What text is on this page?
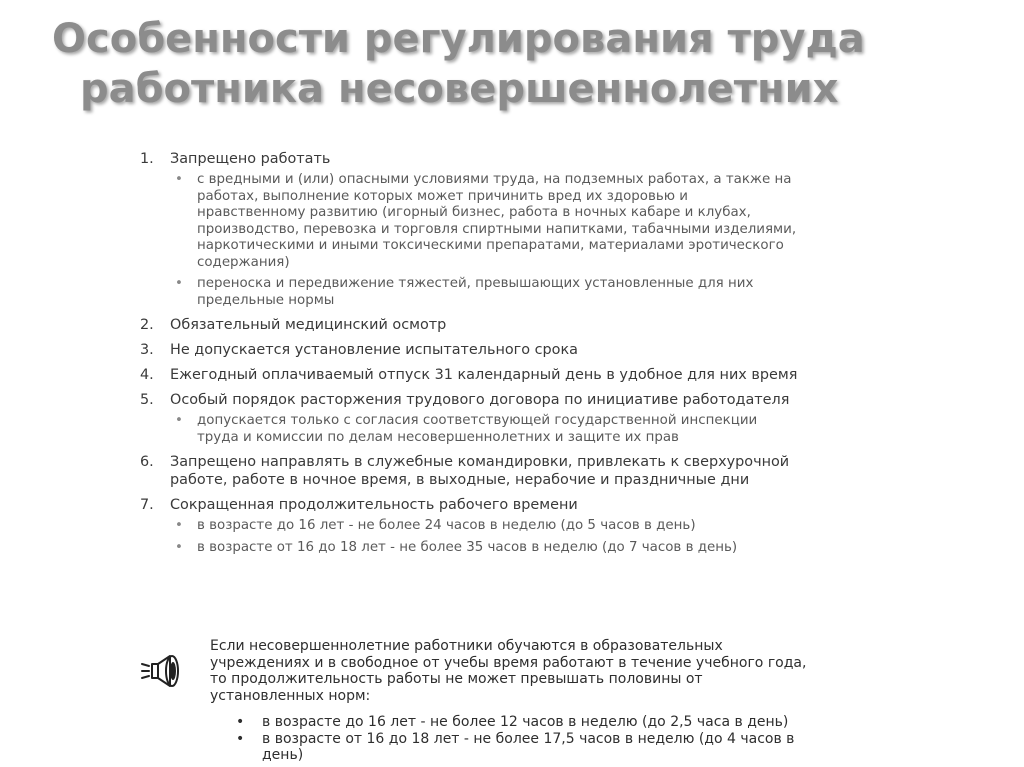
Особенности регулирования труда
работника несовершеннолетних
1. Запрещено работать
• с вредными и (или) опасными условиями труда, на подземных работах, а также на работах, выполнение которых может причинить вред их здоровью и нравственному развитию (игорный бизнес, работа в ночных кабаре и клубах, производство, перевозка и торговля спиртными напитками, табачными изделиями, наркотическими и иными токсическими препаратами, материалами эротического содержания)
• переноска и передвижение тяжестей, превышающих установленные для них предельные нормы
2. Обязательный медицинский осмотр
3. Не допускается установление испытательного срока
4. Ежегодный оплачиваемый отпуск 31 календарный день в удобное для них время
5. Особый порядок расторжения трудового договора по инициативе работодателя
• допускается только с согласия соответствующей государственной инспекции труда и комиссии по делам несовершеннолетних и защите их прав
6. Запрещено направлять в служебные командировки, привлекать к сверхурочной работе, работе в ночное время, в выходные, нерабочие и праздничные дни
7. Сокращенная продолжительность рабочего времени
• в возрасте до 16 лет - не более 24 часов в неделю (до 5 часов в день)
• в возрасте от 16 до 18 лет - не более 35 часов в неделю (до 7 часов в день)
Если несовершеннолетние работники обучаются в образовательных учреждениях и в свободное от учебы время работают в течение учебного года, то продолжительность работы не может превышать половины от установленных норм:
• в возрасте до 16 лет - не более 12 часов в неделю (до 2,5 часа в день)
• в возрасте от 16 до 18 лет - не более 17,5 часов в неделю (до 4 часов в день)
